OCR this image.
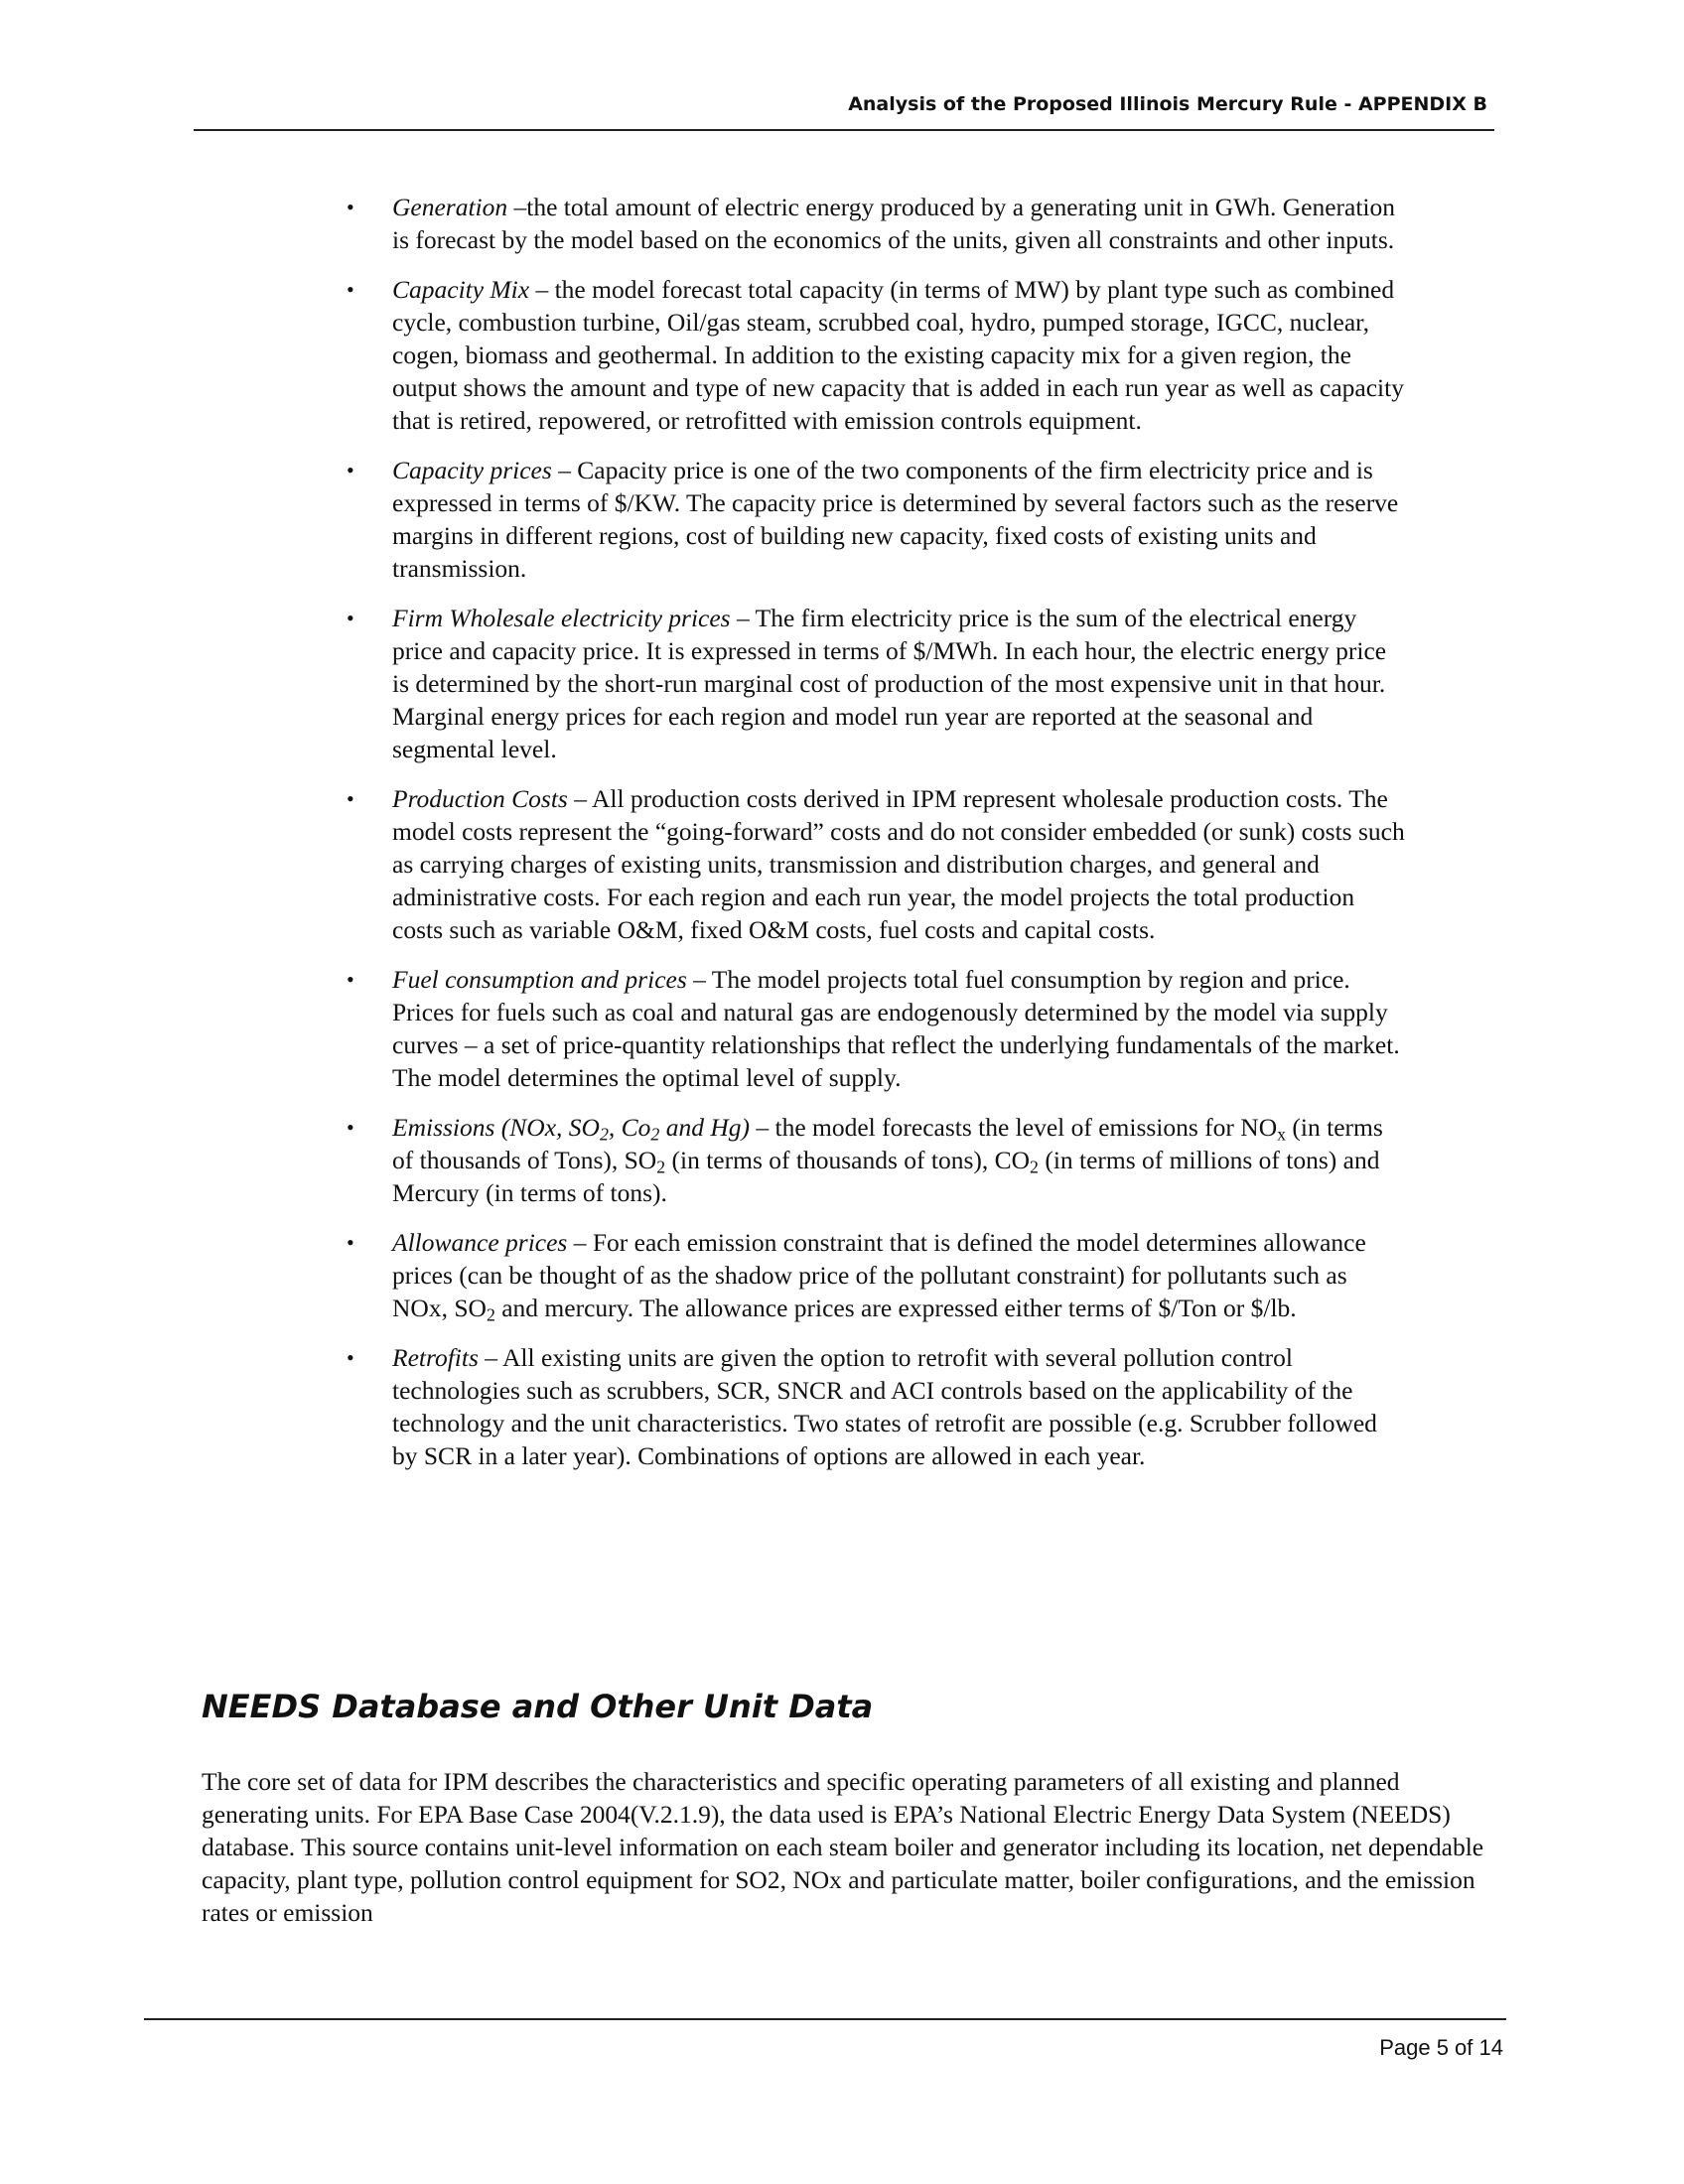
Analysis of the Proposed Illinois Mercury Rule - APPENDIX B
• Generation –the total amount of electric energy produced by a generating unit in GWh. Generation is forecast by the model based on the economics of the units, given all constraints and other inputs.
• Capacity Mix – the model forecast total capacity (in terms of MW) by plant type such as combined cycle, combustion turbine, Oil/gas steam, scrubbed coal, hydro, pumped storage, IGCC, nuclear, cogen, biomass and geothermal. In addition to the existing capacity mix for a given region, the output shows the amount and type of new capacity that is added in each run year as well as capacity that is retired, repowered, or retrofitted with emission controls equipment.
• Capacity prices – Capacity price is one of the two components of the firm electricity price and is expressed in terms of $/KW. The capacity price is determined by several factors such as the reserve margins in different regions, cost of building new capacity, fixed costs of existing units and transmission.
• Firm Wholesale electricity prices – The firm electricity price is the sum of the electrical energy price and capacity price. It is expressed in terms of $/MWh. In each hour, the electric energy price is determined by the short-run marginal cost of production of the most expensive unit in that hour. Marginal energy prices for each region and model run year are reported at the seasonal and segmental level.
• Production Costs – All production costs derived in IPM represent wholesale production costs. The model costs represent the “going-forward” costs and do not consider embedded (or sunk) costs such as carrying charges of existing units, transmission and distribution charges, and general and administrative costs. For each region and each run year, the model projects the total production costs such as variable O&M, fixed O&M costs, fuel costs and capital costs.
• Fuel consumption and prices – The model projects total fuel consumption by region and price. Prices for fuels such as coal and natural gas are endogenously determined by the model via supply curves – a set of price-quantity relationships that reflect the underlying fundamentals of the market. The model determines the optimal level of supply.
• Emissions (NOx, $SO_2$, $Co_2$ and Hg) – the model forecasts the level of emissions for $NO_x$ (in terms of thousands of Tons), $SO_2$ (in terms of thousands of tons), $CO_2$ (in terms of millions of tons) and Mercury (in terms of tons).
• Allowance prices – For each emission constraint that is defined the model determines allowance prices (can be thought of as the shadow price of the pollutant constraint) for pollutants such as NOx, $SO_2$ and mercury. The allowance prices are expressed either terms of $/Ton or $/lb.
• Retrofits – All existing units are given the option to retrofit with several pollution control technologies such as scrubbers, SCR, SNCR and ACI controls based on the applicability of the technology and the unit characteristics. Two states of retrofit are possible (e.g. Scrubber followed by SCR in a later year). Combinations of options are allowed in each year.
NEEDS Database and Other Unit Data

The core set of data for IPM describes the characteristics and specific operating parameters of all existing and planned generating units. For EPA Base Case 2004(V.2.1.9), the data used is EPA’s National Electric Energy Data System (NEEDS) database. This source contains unit-level information on each steam boiler and generator including its location, net dependable capacity, plant type, pollution control equipment for SO2, NOx and particulate matter, boiler configurations, and the emission rates or emission

Page 5 of 14
